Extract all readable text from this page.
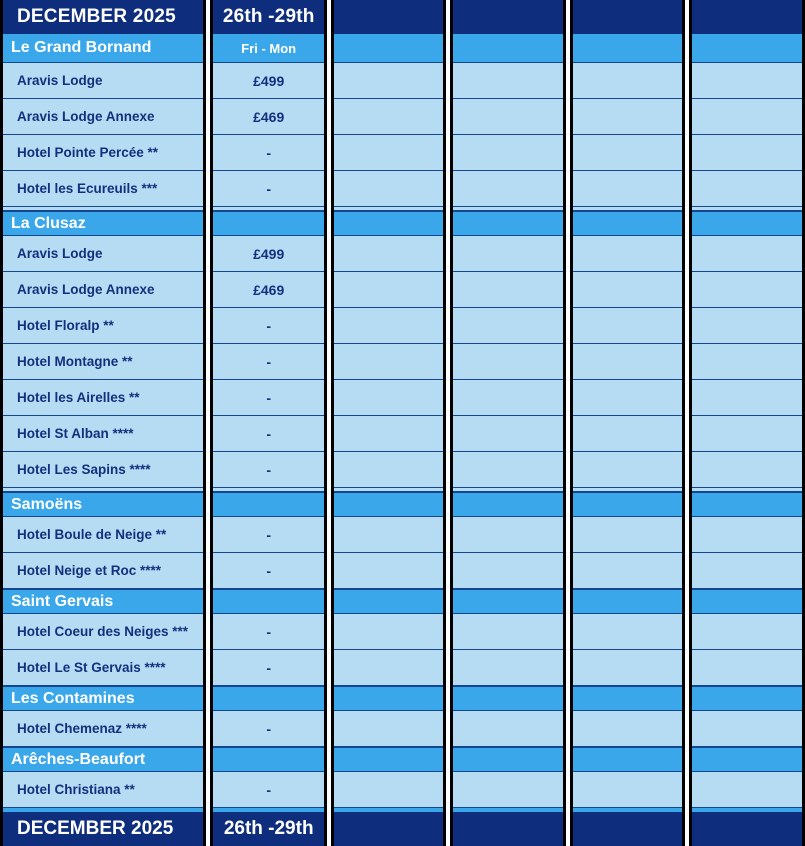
DECEMBER 2025
Le Grand Bornand
Aravis Lodge
Aravis Lodge Annexe
Hotel Pointe Percée **
Hotel les Ecureuils ***
La Clusaz
Aravis Lodge
Aravis Lodge Annexe
Hotel Floralp **
Hotel Montagne **
Hotel les Airelles **
Hotel St Alban ****
Hotel Les Sapins ****
Samoëns
Hotel Boule de Neige **
Hotel Neige et Roc ****
Saint Gervais
Hotel Coeur des Neiges ***
Hotel Le St Gervais ****
Les Contamines
Hotel Chemenaz ****
Arêches-Beaufort
Hotel Christiana **
DECEMBER 2025
26th -29th
Fri - Mon
£499
£469
-
-
£499
£469
-
-
-
-
-
-
-
-
-
-
-
26th -29th
